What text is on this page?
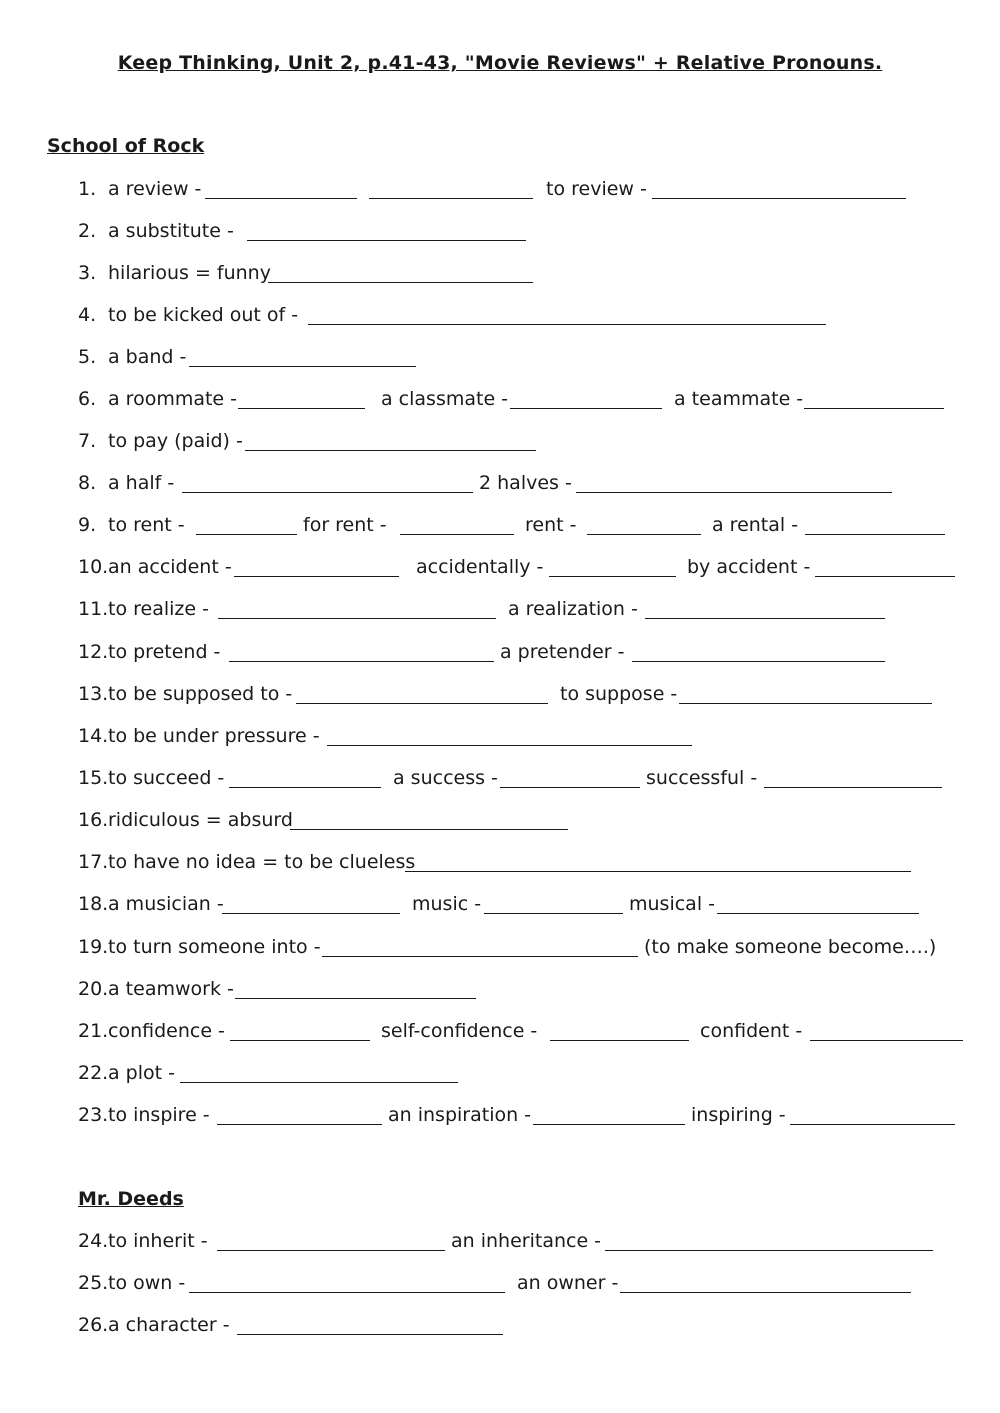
Keep Thinking, Unit 2, p.41-43, "Movie Reviews" + Relative Pronouns.
School of Rock
1. a review -	to review -
2. a substitute -
3. hilarious = funny
4. to be kicked out of -
5. a band -
6. a roommate -	a classmate -	a teammate -
7. to pay (paid) -
8. a half -	2 halves -
9. to rent -	for rent -	rent -	a rental -
10. an accident -	accidentally -	by accident -
11. to realize -	a realization -
12. to pretend -	a pretender -
13. to be supposed to -	to suppose -
14. to be under pressure -
15. to succeed -	a success -	successful -
16. ridiculous = absurd
17. to have no idea = to be clueless
18. a musician -	music -	musical -
19. to turn someone into -	(to make someone become….)
20. a teamwork -
21. confidence -	self-confidence -	confident -
22. a plot -
23. to inspire -	an inspiration -	inspiring -
Mr. Deeds
24. to inherit -	an inheritance -
25. to own -	an owner -
26. a character -
